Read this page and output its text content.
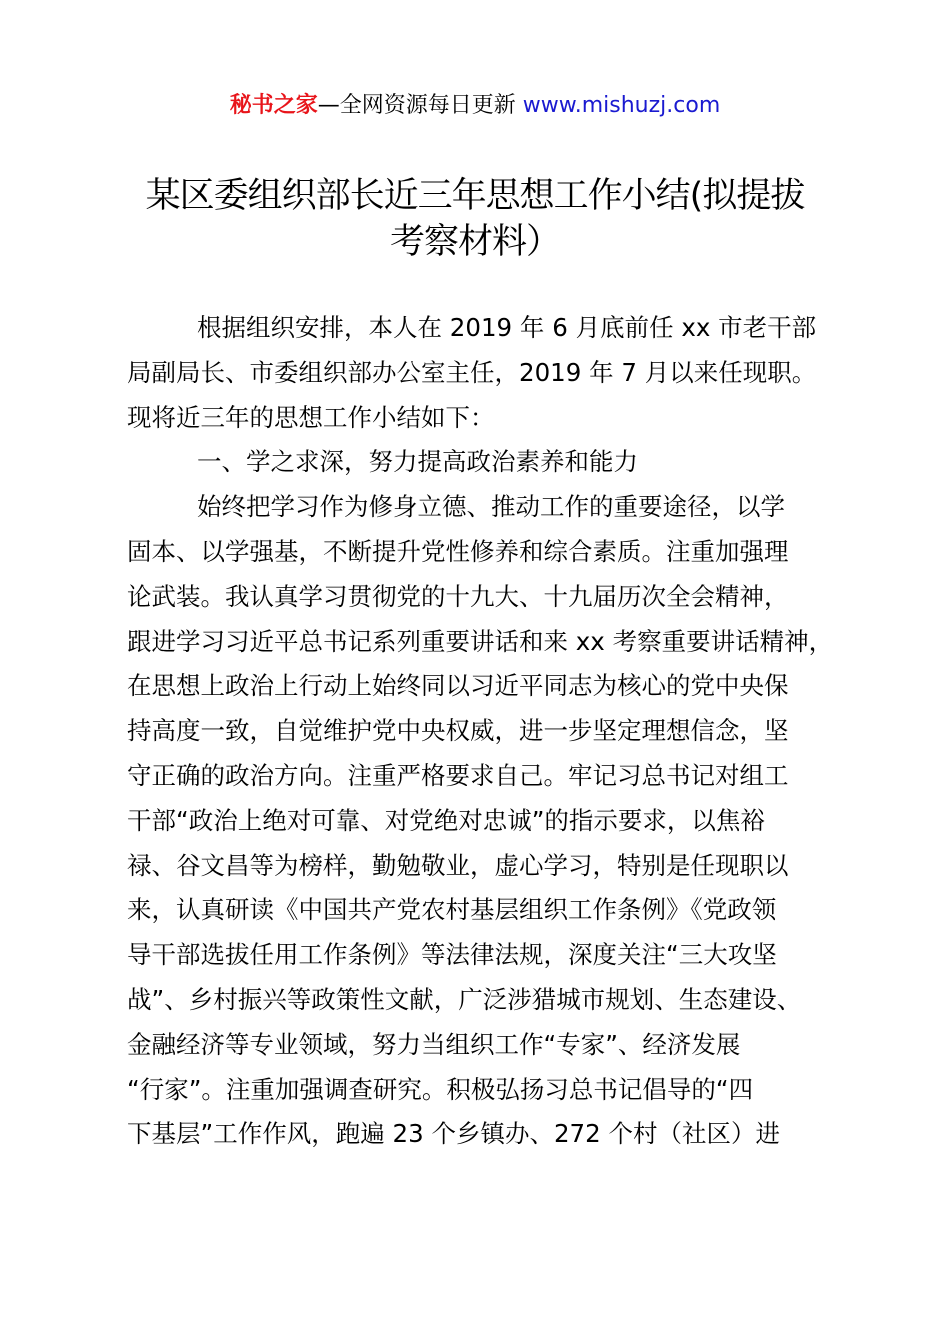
秘书之家—全网资源每日更新 www.mishuzj.com
某区委组织部长近三年思想工作小结(拟提拔
考察材料）
根据组织安排，本人在 2019 年 6 月底前任 xx 市老干部
局副局长、市委组织部办公室主任，2019 年 7 月以来任现职。
现将近三年的思想工作小结如下：
一、学之求深，努力提高政治素养和能力
始终把学习作为修身立德、推动工作的重要途径，以学
固本、以学强基，不断提升党性修养和综合素质。注重加强理
论武装。我认真学习贯彻党的十九大、十九届历次全会精神，
跟进学习习近平总书记系列重要讲话和来 xx 考察重要讲话精神，
在思想上政治上行动上始终同以习近平同志为核心的党中央保
持高度一致，自觉维护党中央权威，进一步坚定理想信念，坚
守正确的政治方向。注重严格要求自己。牢记习总书记对组工
干部“政治上绝对可靠、对党绝对忠诚”的指示要求，以焦裕
禄、谷文昌等为榜样，勤勉敬业，虚心学习，特别是任现职以
来，认真研读《中国共产党农村基层组织工作条例》《党政领
导干部选拔任用工作条例》等法律法规，深度关注“三大攻坚
战”、乡村振兴等政策性文献，广泛涉猎城市规划、生态建设、
金融经济等专业领域，努力当组织工作“专家”、经济发展
“行家”。注重加强调查研究。积极弘扬习总书记倡导的“四
下基层”工作作风，跑遍 23 个乡镇办、272 个村（社区）进
